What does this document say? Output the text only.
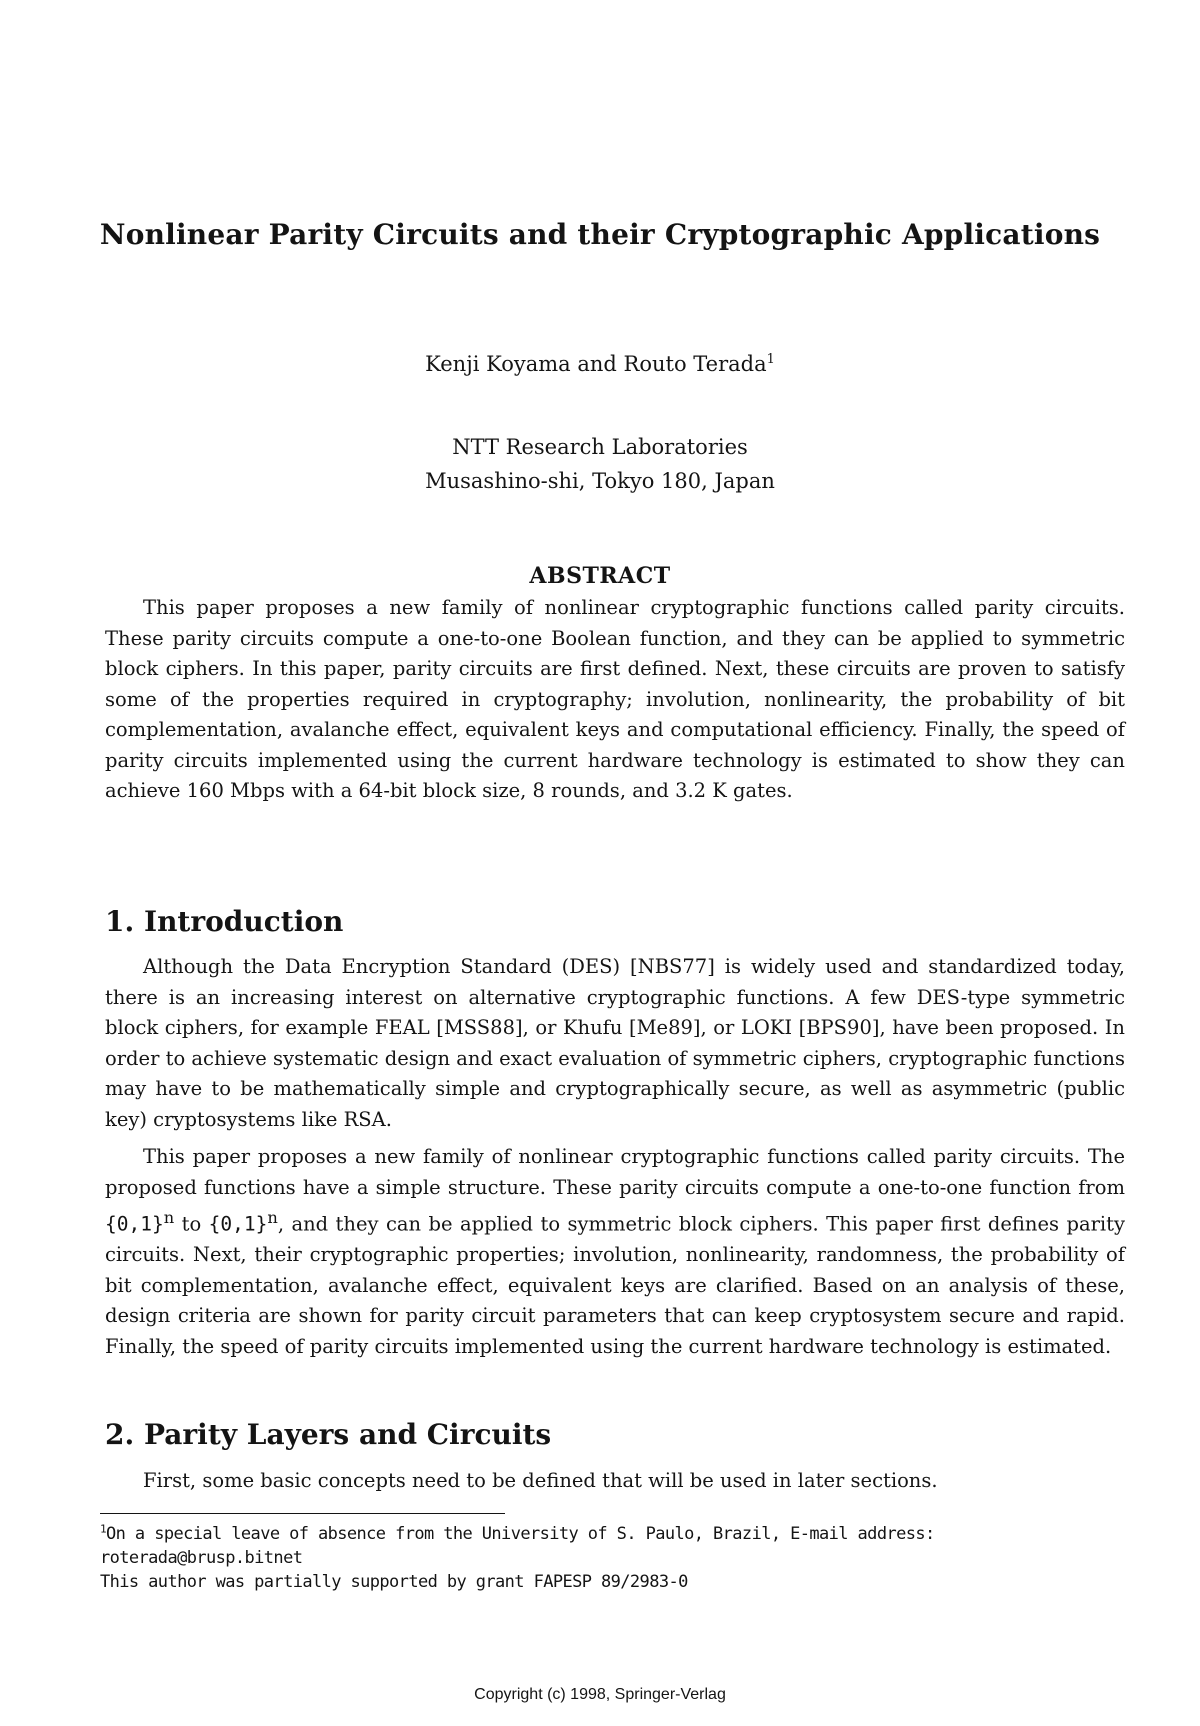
Nonlinear Parity Circuits and their Cryptographic Applications
Kenji Koyama and Routo Terada$^1$
NTT Research Laboratories
Musashino-shi, Tokyo 180, Japan
ABSTRACT

This paper proposes a new family of nonlinear cryptographic functions called parity circuits. These parity circuits compute a one-to-one Boolean function, and they can be applied to symmetric block ciphers. In this paper, parity circuits are first defined. Next, these circuits are proven to satisfy some of the properties required in cryptography; involution, nonlinearity, the probability of bit complementation, avalanche effect, equivalent keys and computational efficiency. Finally, the speed of parity circuits implemented using the current hardware technology is estimated to show they can achieve 160 Mbps with a 64-bit block size, 8 rounds, and 3.2 K gates.

1. Introduction

Although the Data Encryption Standard (DES) [NBS77] is widely used and standardized today, there is an increasing interest on alternative cryptographic functions. A few DES-type symmetric block ciphers, for example FEAL [MSS88], or Khufu [Me89], or LOKI [BPS90], have been proposed. In order to achieve systematic design and exact evaluation of symmetric ciphers, cryptographic functions may have to be mathematically simple and cryptographically secure, as well as asymmetric (public key) cryptosystems like RSA.

This paper proposes a new family of nonlinear cryptographic functions called parity circuits. The proposed functions have a simple structure. These parity circuits compute a one-to-one function from $\{0,1\}^n$ to $\{0,1\}^n$, and they can be applied to symmetric block ciphers. This paper first defines parity circuits. Next, their cryptographic properties; involution, nonlinearity, randomness, the probability of bit complementation, avalanche effect, equivalent keys are clarified. Based on an analysis of these, design criteria are shown for parity circuit parameters that can keep cryptosystem secure and rapid. Finally, the speed of parity circuits implemented using the current hardware technology is estimated.

2. Parity Layers and Circuits

First, some basic concepts need to be defined that will be used in later sections.

$^1$On a special leave of absence from the University of S. Paulo, Brazil, E-mail address: roterada@brusp.bitnet
This author was partially supported by grant FAPESP 89/2983-0
Copyright (c) 1998, Springer-Verlag
